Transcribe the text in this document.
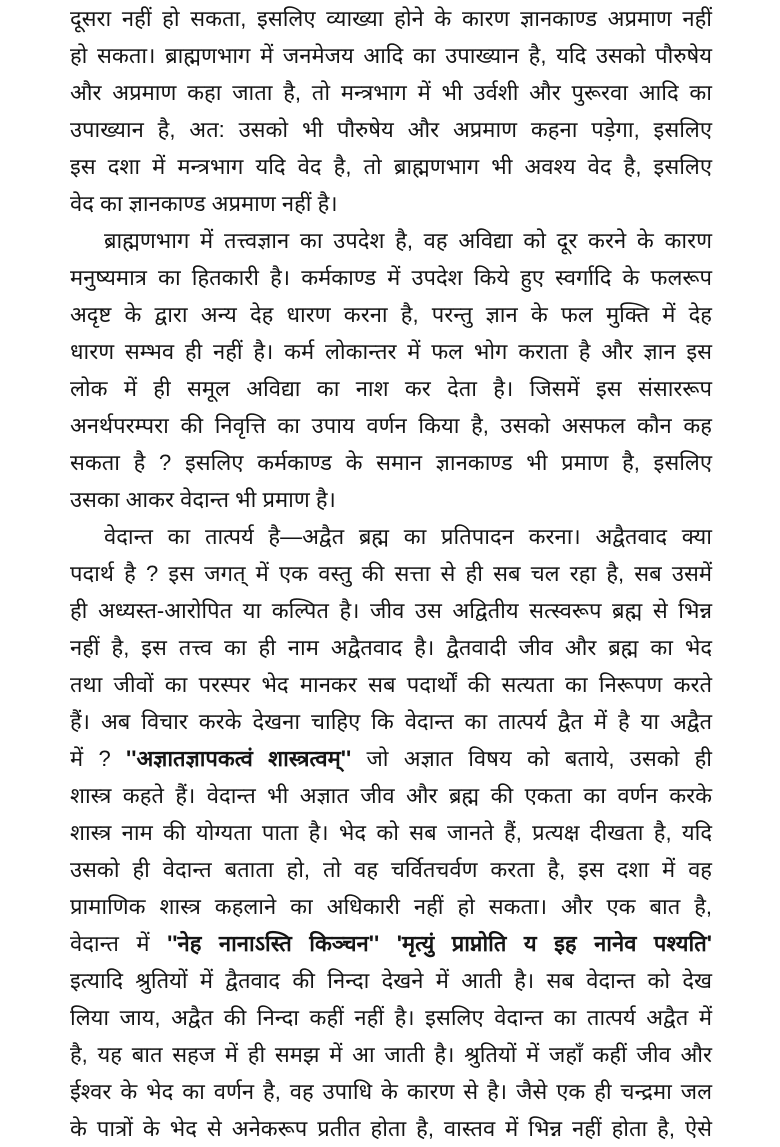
दूसरा नहीं हो सकता, इसलिए व्याख्या होने के कारण ज्ञानकाण्ड अप्रमाण नहीं
हो सकता। ब्राह्मणभाग में जनमेजय आदि का उपाख्यान है, यदि उसको पौरुषेय
और अप्रमाण कहा जाता है, तो मन्त्रभाग में भी उर्वशी और पुरूरवा आदि का
उपाख्यान है, अत: उसको भी पौरुषेय और अप्रमाण कहना पड़ेगा, इसलिए
इस दशा में मन्त्रभाग यदि वेद है, तो ब्राह्मणभाग भी अवश्य वेद है, इसलिए
वेद का ज्ञानकाण्ड अप्रमाण नहीं है।
ब्राह्मणभाग में तत्त्वज्ञान का उपदेश है, वह अविद्या को दूर करने के कारण
मनुष्यमात्र का हितकारी है। कर्मकाण्ड में उपदेश किये हुए स्वर्गादि के फलरूप
अदृष्ट के द्वारा अन्य देह धारण करना है, परन्तु ज्ञान के फल मुक्ति में देह
धारण सम्भव ही नहीं है। कर्म लोकान्तर में फल भोग कराता है और ज्ञान इस
लोक में ही समूल अविद्या का नाश कर देता है। जिसमें इस संसाररूप
अनर्थपरम्परा की निवृत्ति का उपाय वर्णन किया है, उसको असफल कौन कह
सकता है ? इसलिए कर्मकाण्ड के समान ज्ञानकाण्ड भी प्रमाण है, इसलिए
उसका आकर वेदान्त भी प्रमाण है।
वेदान्त का तात्पर्य है—अद्वैत ब्रह्म का प्रतिपादन करना। अद्वैतवाद क्या
पदार्थ है ? इस जगत् में एक वस्तु की सत्ता से ही सब चल रहा है, सब उसमें
ही अध्यस्त-आरोपित या कल्पित है। जीव उस अद्वितीय सत्स्वरूप ब्रह्म से भिन्न
नहीं है, इस तत्त्व का ही नाम अद्वैतवाद है। द्वैतवादी जीव और ब्रह्म का भेद
तथा जीवों का परस्पर भेद मानकर सब पदार्थों की सत्यता का निरूपण करते
हैं। अब विचार करके देखना चाहिए कि वेदान्त का तात्पर्य द्वैत में है या अद्वैत
में ? ''अज्ञातज्ञापकत्वं शास्त्रत्वम्'' जो अज्ञात विषय को बताये, उसको ही
शास्त्र कहते हैं। वेदान्त भी अज्ञात जीव और ब्रह्म की एकता का वर्णन करके
शास्त्र नाम की योग्यता पाता है। भेद को सब जानते हैं, प्रत्यक्ष दीखता है, यदि
उसको ही वेदान्त बताता हो, तो वह चर्वितचर्वण करता है, इस दशा में वह
प्रामाणिक शास्त्र कहलाने का अधिकारी नहीं हो सकता। और एक बात है,
वेदान्त में ''नेह नानाऽस्ति किञ्चन'' 'मृत्युं प्राप्नोति य इह नानेव पश्यति'
इत्यादि श्रुतियों में द्वैतवाद की निन्दा देखने में आती है। सब वेदान्त को देख
लिया जाय, अद्वैत की निन्दा कहीं नहीं है। इसलिए वेदान्त का तात्पर्य अद्वैत में
है, यह बात सहज में ही समझ में आ जाती है। श्रुतियों में जहाँ कहीं जीव और
ईश्वर के भेद का वर्णन है, वह उपाधि के कारण से है। जैसे एक ही चन्द्रमा जल
के पात्रों के भेद से अनेकरूप प्रतीत होता है, वास्तव में भिन्न नहीं होता है, ऐसे
